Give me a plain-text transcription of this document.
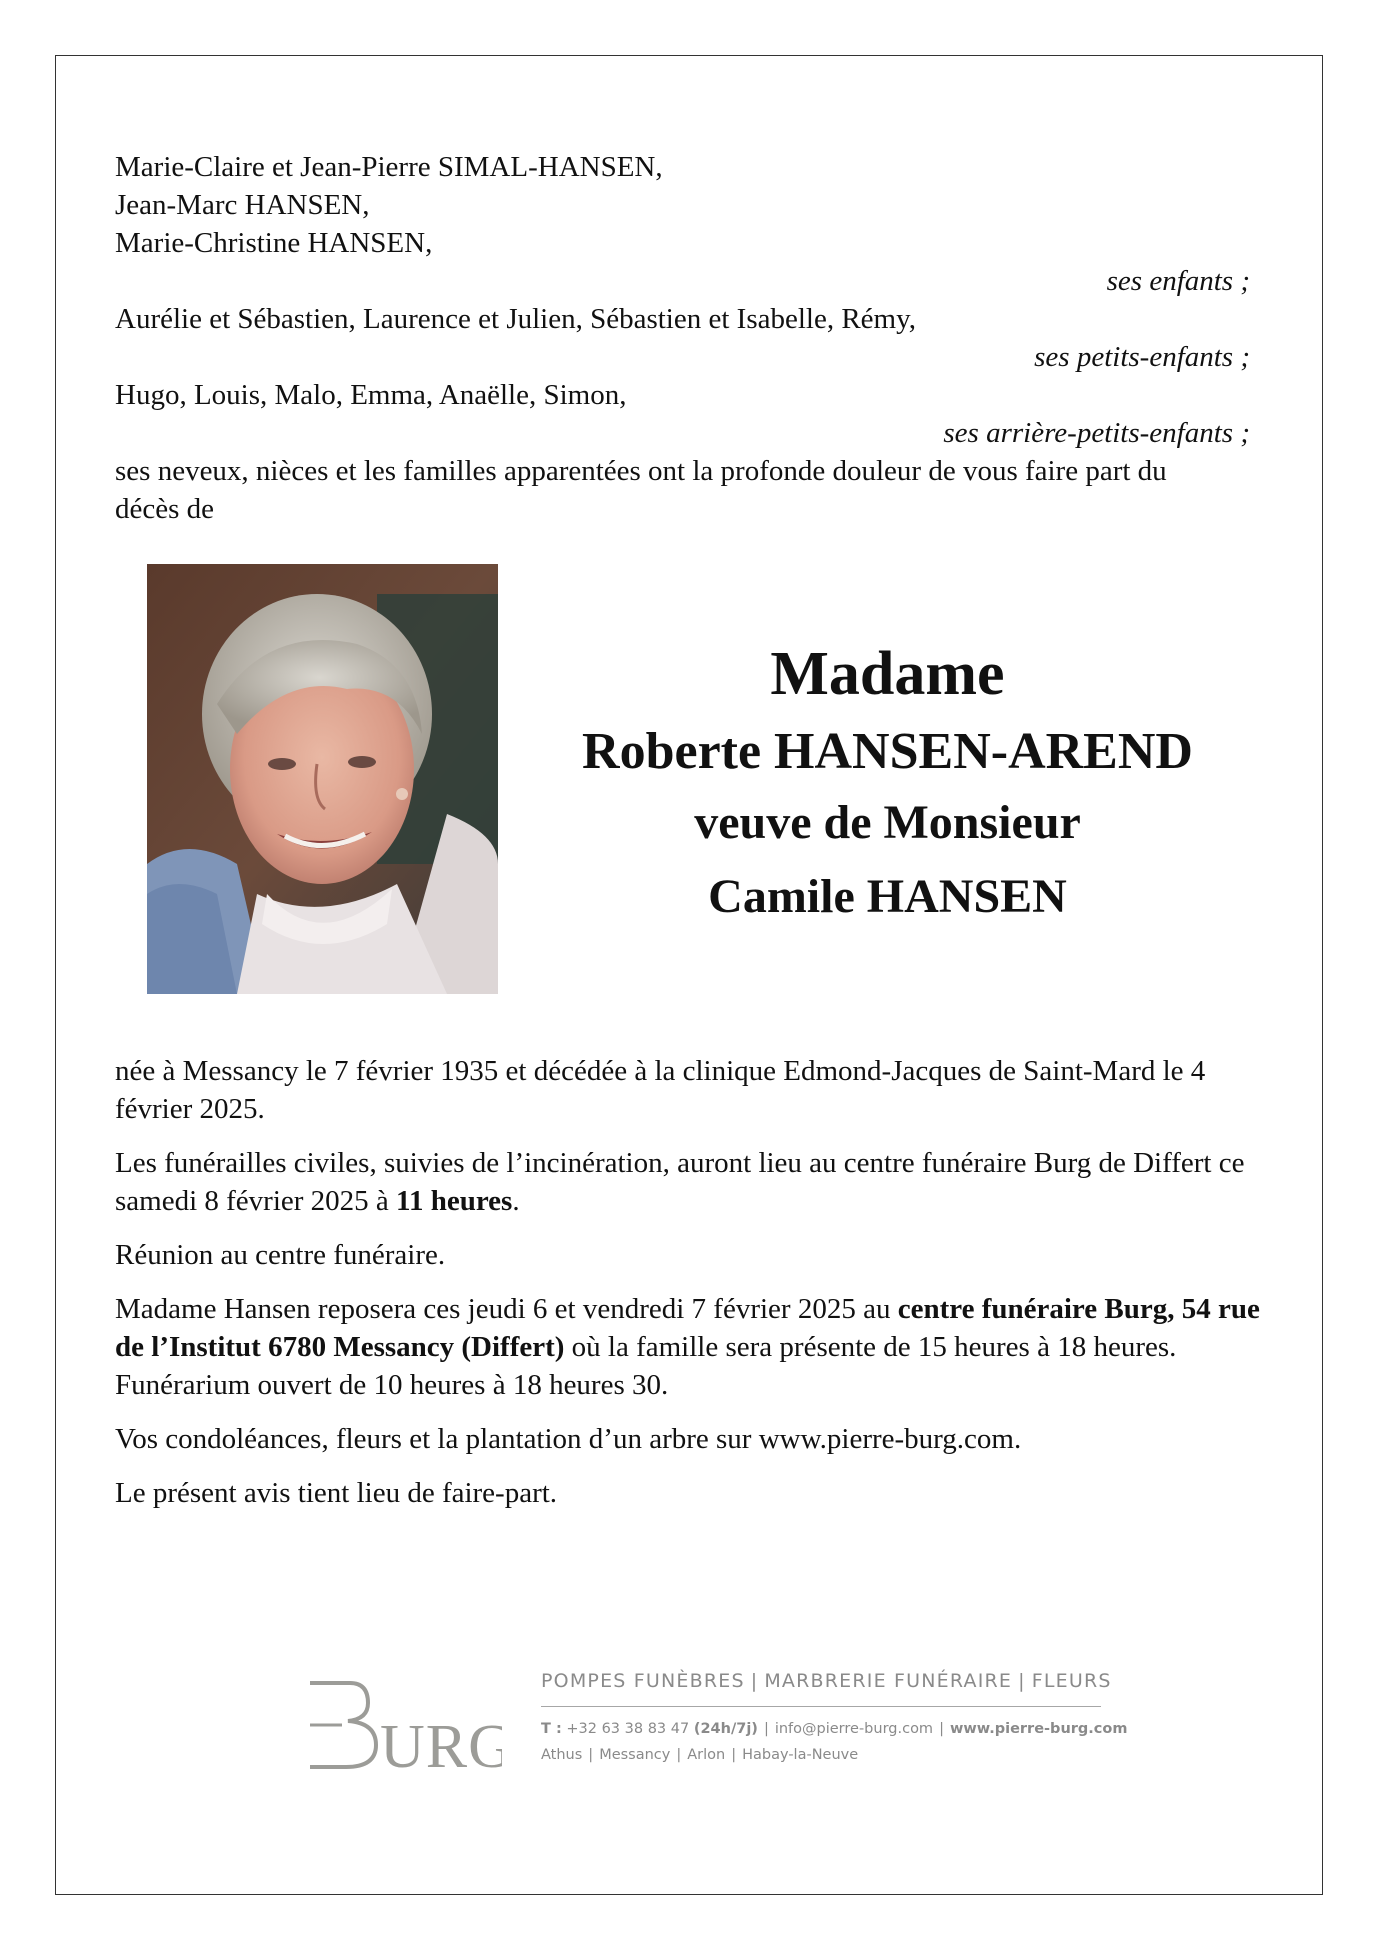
Marie-Claire et Jean-Pierre SIMAL-HANSEN,
Jean-Marc HANSEN,
Marie-Christine HANSEN,
ses enfants ;
Aurélie et Sébastien, Laurence et Julien, Sébastien et Isabelle, Rémy,
ses petits-enfants ;
Hugo, Louis, Malo, Emma, Anaëlle, Simon,
ses arrière-petits-enfants ;
ses neveux, nièces et les familles apparentées ont la profonde douleur de vous faire part du décès de
Madame
Roberte HANSEN-AREND
veuve de Monsieur
Camile HANSEN

née à Messancy le 7 février 1935 et décédée à la clinique Edmond-Jacques de Saint-Mard le 4 février 2025.

Les funérailles civiles, suivies de l’incinération, auront lieu au centre funéraire Burg de Differt ce samedi 8 février 2025 à 11 heures.

Réunion au centre funéraire.

Madame Hansen reposera ces jeudi 6 et vendredi 7 février 2025 au centre funéraire Burg, 54 rue de l’Institut 6780 Messancy (Differt) où la famille sera présente de 15 heures à 18 heures. Funérarium ouvert de 10 heures à 18 heures 30.

Vos condoléances, fleurs et la plantation d’un arbre sur www.pierre-burg.com.

Le présent avis tient lieu de faire-part.

URG
POMPES FUNÈBRES | MARBRERIE FUNÉRAIRE | FLEURS
T : +32 63 38 83 47 (24h/7j) | info@pierre-burg.com | www.pierre-burg.com
Athus | Messancy | Arlon | Habay-la-Neuve
